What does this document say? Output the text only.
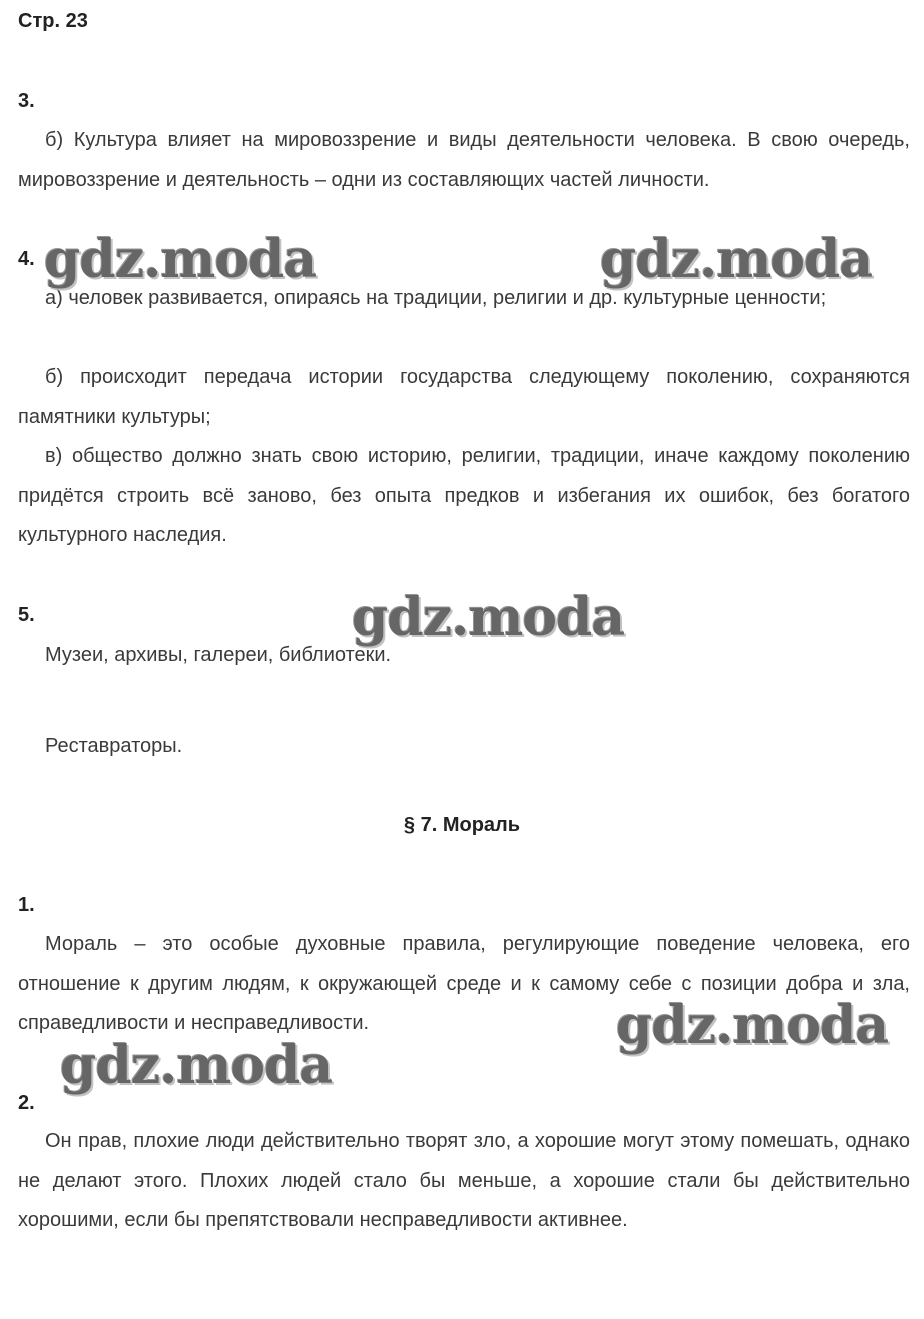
Стр. 23
3.

б) Культура влияет на мировоззрение и виды деятельности человека. В свою очередь, мировоззрение и деятельность – одни из составляющих частей личности.

4.

а) человек развивается, опираясь на традиции, религии и др. культурные ценности;

б) происходит передача истории государства следующему поколению, сохраняются памятники культуры;

в) общество должно знать свою историю, религии, традиции, иначе каждому поколению придётся строить всё заново, без опыта предков и избегания их ошибок, без богатого культурного наследия.

5.
Музеи, архивы, галереи, библиотеки.
Реставраторы.
§ 7. Мораль
1.

Мораль – это особые духовные правила, регулирующие поведение человека, его отношение к другим людям, к окружающей среде и к самому себе с позиции добра и зла, справедливости и несправедливости.

2.

Он прав, плохие люди действительно творят зло, а хорошие могут этому помешать, однако не делают этого. Плохих людей стало бы меньше, а хорошие стали бы действительно хорошими, если бы препятствовали несправедливости активнее.

gdz.moda	gdz.moda
gdz.moda
gdz.moda
gdz.moda
